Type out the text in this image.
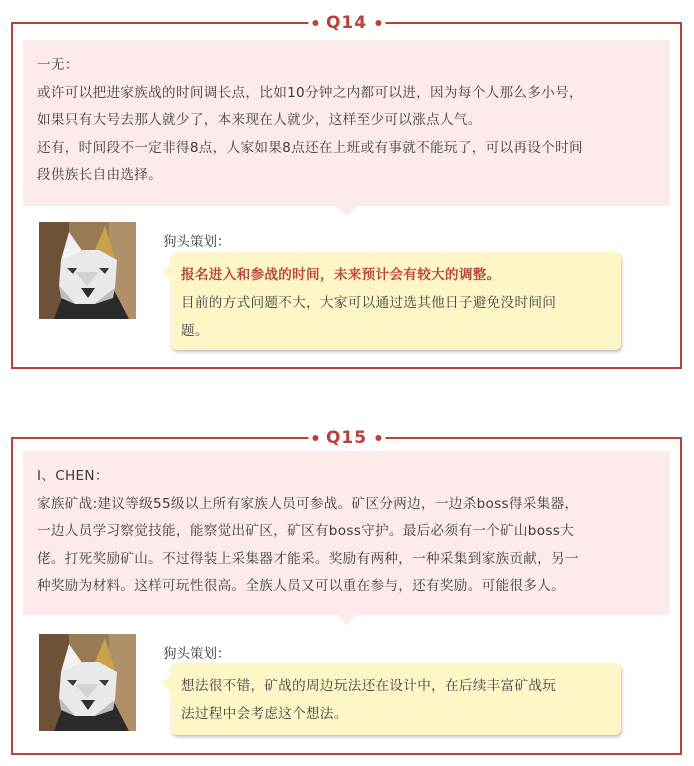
Q14

一无：

或许可以把进家族战的时间调长点，比如10分钟之内都可以进，因为每个人那么多小号，

如果只有大号去那人就少了，本来现在人就少，这样至少可以涨点人气。

还有，时间段不一定非得8点，人家如果8点还在上班或有事就不能玩了，可以再设个时间

段供族长自由选择。

狗头策划：

报名进入和参战的时间，未来预计会有较大的调整。

目前的方式问题不大，大家可以通过选其他日子避免没时间问

题。

Q15

I、CHEN：

家族矿战:建议等级55级以上所有家族人员可参战。矿区分两边，一边杀boss得采集器，

一边人员学习察觉技能，能察觉出矿区，矿区有boss守护。最后必须有一个矿山boss大

佬。打死奖励矿山。不过得装上采集器才能采。奖励有两种，一种采集到家族贡献，另一

种奖励为材料。这样可玩性很高。全族人员又可以重在参与，还有奖励。可能很多人。

狗头策划：

想法很不错，矿战的周边玩法还在设计中，在后续丰富矿战玩

法过程中会考虑这个想法。
